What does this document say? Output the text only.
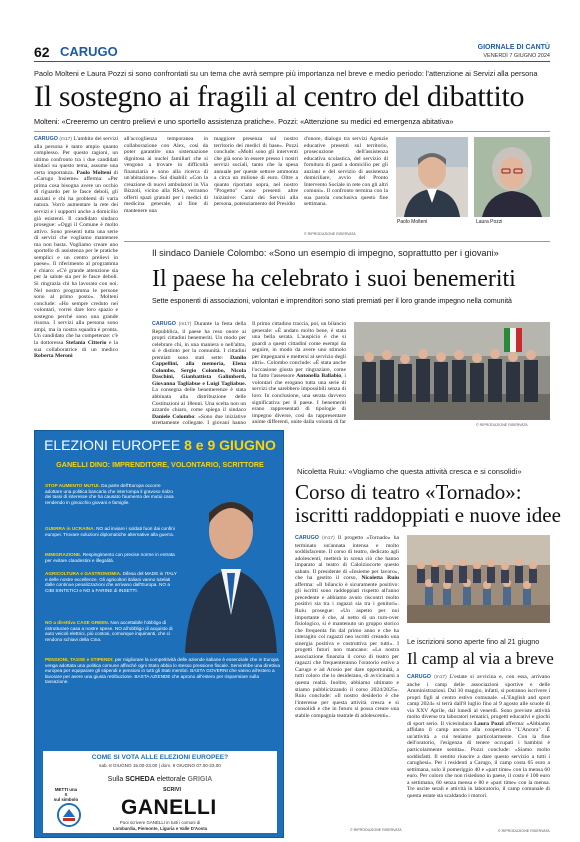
62 CARUGO	GIORNALE DI CANTÙ
VENERDÌ 7 GIUGNO 2024
Paolo Molteni e Laura Pozzi si sono confrontati su un tema che avrà sempre più importanza nel breve e medio periodo: l'attenzione ai Servizi alla persona
Il sostegno ai fragili al centro del dibattito
Molteni: «Creeremo un centro prelievi e uno sportello assistenza pratiche». Pozzi: «Attenzione su medici ed emergenza abitativa»
CARUGO (m17) L'ambito dei servizi alla persona è tanto ampio quanto complesso. Per questo ragioni, un ultimo confronto tra i due candidati sindaci su questo tema, assume una certa importanza. Paolo Molteni di «Carugo Insieme» afferma: «Per prima cosa bisogna avere un occhio di riguardo per le fasce deboli, gli anziani e chi ha problemi di varia natura. Vorrò aumentare la rete dei servizi e i supporti anche a domicilio già esistenti. Il candidato sindaco prosegue: «Oggi il Comune è molto attivo. Sono presenti tutta una serie di servizi che vogliamo mantenere ma non basta. Vogliamo creare uno sportello di assistenza per le pratiche semplici e un centro prelievi in paese». Il riferimento al programma è chiaro: «C'è grande attenzione sia per la salute sia per le fasce deboli. Si ringrazia chi ha lavorato con noi. Nel nostro programma le persone sono al primo posto». Molteni conclude: «Ho sempre creduto nei volontari, vorrei dare loro spazio e sostegno perché sono una grande risorsa. I servizi alla persona sono ampi, ma la nostra squadra è pronta. Un candidato che ha competenze: c'è la dottoressa Stefania Citterio e la sua collaboratrice di un medico Roberta Meroni
all'accoglienza temporanea in collaborazione con Alex, così da poter garantire una sistemazione dignitosa ai nuclei familiari che si vengono a trovare in difficoltà finanziaria e sono alla ricerca di un'abitazione». Sui disabili: «Con la creazione di nuovi ambulatori in Via Bizzoli, vicino alla RSA, verranno offerti spazi gratuiti per i medici di medicina generale, al fine di mantenere una
maggiore presenza sul nostro territorio dei medici di base». Pozzi conclude: «Molti sono gli interventi che già sono in essere presso i nostri servizi sociali, tanto che la spesa annuale per queste settore ammonta a circa un milione di euro. Oltre a quanto riportato sopra, nel nostro "Progetto" sono presenti altre iniziative: Carni dei Servizi alla persona, potenziamento del Presidio
d'onore, dialogo tra servizi Agenzie educative presenti sul territorio, prosecuzione dell'assistenza educativa scolastica, del servizio di fornitura di pasti a domicilio per gli anziani e del servizio di assistenza domiciliare, avvio del Pronto Intervento Sociale in rete con gli altri comuni». Il confronto termina con la sua parola conclusiva questo fine settimana.
Paolo Molteni	Laura Pozzi
© RIPRODUZIONE RISERVATA
Il sindaco Daniele Colombo: «Sono un esempio di impegno, soprattutto per i giovani»
Il paese ha celebrato i suoi benemeriti
Sette esponenti di associazioni, volontari e imprenditori sono stati premiati per il loro grande impegno nella comunità
CARUGO (m17) Durante la festa della Repubblica, il paese ha reso onore ai propri cittadini benemeriti. Un modo per celebrare chi, in una maniera o nell'altra, si è distinto per la comunità. I cittadini premiati sono stati sette: Danilo Cappellini, alla memoria, Elena Colombo, Sergio Colombo, Nicola Daschini, Gianbattista Galimberti, Giovanna Tagliabue e Luigi Tagliabue. La consegna delle benemerenze è stata abbinata alla distribuzione delle Costituzioni ai 18enni. Una scelta non un azzardo chiaro, come spiega il sindaco Daniele Colombo: «Sono due iniziative strettamente collegate. I giovani hanno
Il primo cittadino traccia, poi, un bilancio generale: «È andato molto bene, è stata una bella serata. L'auspicio è che si guardi a questi cittadini come esempi da seguire, in modo da avere uno stimolo per impegnarsi e mettersi al servizio degli altri». Colombo conclude: «È stata anche l'occasione giusta per ringraziare, come ha fatto l'assessore Antonella Ballabio, i volontari che erogano tutta una serie di servizi che sarebbero impossibili senza di loro. In conclusione, una serata davvero significativa per il paese. I benemeriti erano rappresentati di tipologie di impegno diverse, così da rappresentare anime differenti, unite dalla volontà di far	© RIPRODUZIONE RISERVATA
ELEZIONI EUROPEE 8 e 9 GIUGNO
GANELLI DINO: IMPRENDITORE, VOLONTARIO, SCRITTORE
STOP AUMENTO MUTUI. Da parte dell'Europa occorre adottare una politica bancaria che interrompa il gravoso rialzo dei tassi di interesse che ha causato l'aumento dei mutui casa rendendo in ginocchio giovani e famiglie.
GUERRA in UCRAINA. NO ad inviare i soldati fuori dai confini europei. Trovare soluzioni diplomatiche alternative alla guerra.
IMMIGRAZIONE. Respingimento con precise norme in entrata per evitare clandestini e illegalità.
AGRICOLTURA e GASTRONOMIA. Difesa del MADE in ITALY e delle nostre eccellenze. Gli agricoltori italiani vanno tutelati dalle continue penalizzazioni che arrivano dall'Europa. NO a CIBI SINTETICI e NO a FARINE di INSETTI.
NO a direttiva CASE GREEN. Non accettabile l'obbligo di ristrutturare casa a nostre spese. NO all'obbligo di acquisto di auto veicoli elettrici, più costosi, comunque inquinanti, che ci rendono schiavi della Cina.
PENSIONI, TASSE e STIPENDI: per migliorare la competitività delle aziende italiane è essenziale che in Europa venga adottata una politica comune affinché ogni Stato abbia lo stesso pressione fiscale. Servirebbe una direttiva europea per equiparare gli stipendi e pensioni in tutti gli Stati membri. BASTA GOVERNI che vanno all'estero a lavorare per avere una giusta retribuzione. BASTA AZIENDE che aprono all'estero per risparmiare sulla tassazione.
COME SI VOTA ALLE ELEZIONI EUROPEE?
sab. 8 GIUGNO 15.00-23.00 | dom. 9 GIUGNO 07.00-23.00
Sulla SCHEDA elettorale GRIGIA
METTI una
X
sul simbolo
SCRIVI
GANELLI
Puoi scrivere GANELLI in tutti i comuni di
Lombardia, Piemonte, Liguria e Valle D'Aosta
Nicoletta Ruiu: «Vogliamo che questa attività cresca e si consolidi»
Corso di teatro «Tornado»:
iscritti raddoppiati e nuove idee
CARUGO (m17) Il progetto «Tornado» ha terminato un'annata intensa e molto soddisfacente. Il corso di teatro, dedicato agli adolescenti, metterà in scena ciò che hanno imparato al teatro di Calolziocorte questo sabato. Il presidente di «Insieme per lavoro», che ha gestito il corso, Nicoletta Ruiu afferma: «Il bilancio è sicuramente positivo: gli iscritti sono raddoppiati rispetto all'anno precedente e abbiamo avuto riscontri molto positivi sia tra i ragazzi sia tra i genitori». Ruiu prosegue: «Un aspetto per noi importante è che, al netto di un turn-over fisiologico, si è mantenuto un gruppo storico che frequenta fin dal primo anno e che ha interagito coi ragazzi neo iscritti creando una sinergia positiva e costruttiva per tutti». I progetti futuri non mancano: «La nostra associazione finanzia il corso di teatro per ragazzi che frequenteranno l'oratorio estivo a Carugo e ad Arosio per dare opportunità, a tutti coloro che lo desiderano, di avvicinarsi a questa realtà. Inoltre, abbiamo ultimato e stiamo pubblicizzando il corso 2024/2025». Ruiu conclude: «Il nostro desiderio è che l'interesse per questa attività cresca e si consolidi e che in futuro si possa creare una stabile compagnia teatrale di adolescenti».
© RIPRODUZIONE RISERVATA
Le iscrizioni sono aperte fino al 21 giugno
Il camp al via a breve
CARUGO (m17) L'estate si avvicina e, con essa, arrivano anche i camp delle associazioni sportive e delle Amministrazioni. Dal 30 maggio, infatti, si potranno iscrivere i propri figli al centro estivo comunale. «L'English and sport camp 2024» si terrà dall'8 luglio fino al 9 agosto alle scuole di via XXV Aprile, dal lunedì al venerdì. Sono previste attività molto diverse tra laboratori tematici, progetti educativi e giochi di sport serio. Il vicesindaco Laura Pozzi afferma: «Abbiamo affidato il camp ancora alla cooperativa "L'Ancora". È un'attività a cui teniamo particolarmente. Con la fine dell'oratorio, l'esigenza di tenere occupati i bambini è particolarmente sentita». Pozzi conclude: «Siamo molto soddisfatti. Il sentito riuscire a dare questo servizio a tutti i carughesi». Per i residenti a Carugo, il camp costa 65 euro a settimana, solo il pomeriggio 40 e «part time» con la mensa 60 euro. Per coloro che non risiedono in paese, il costo è 100 euro a settimana, 60 senza mensa e 80 e «part time» con la mensa. Tre uscite serali e attività in laboratorio, il camp comunale di questa estate sta scaldando i motori.
© RIPRODUZIONE RISERVATA
